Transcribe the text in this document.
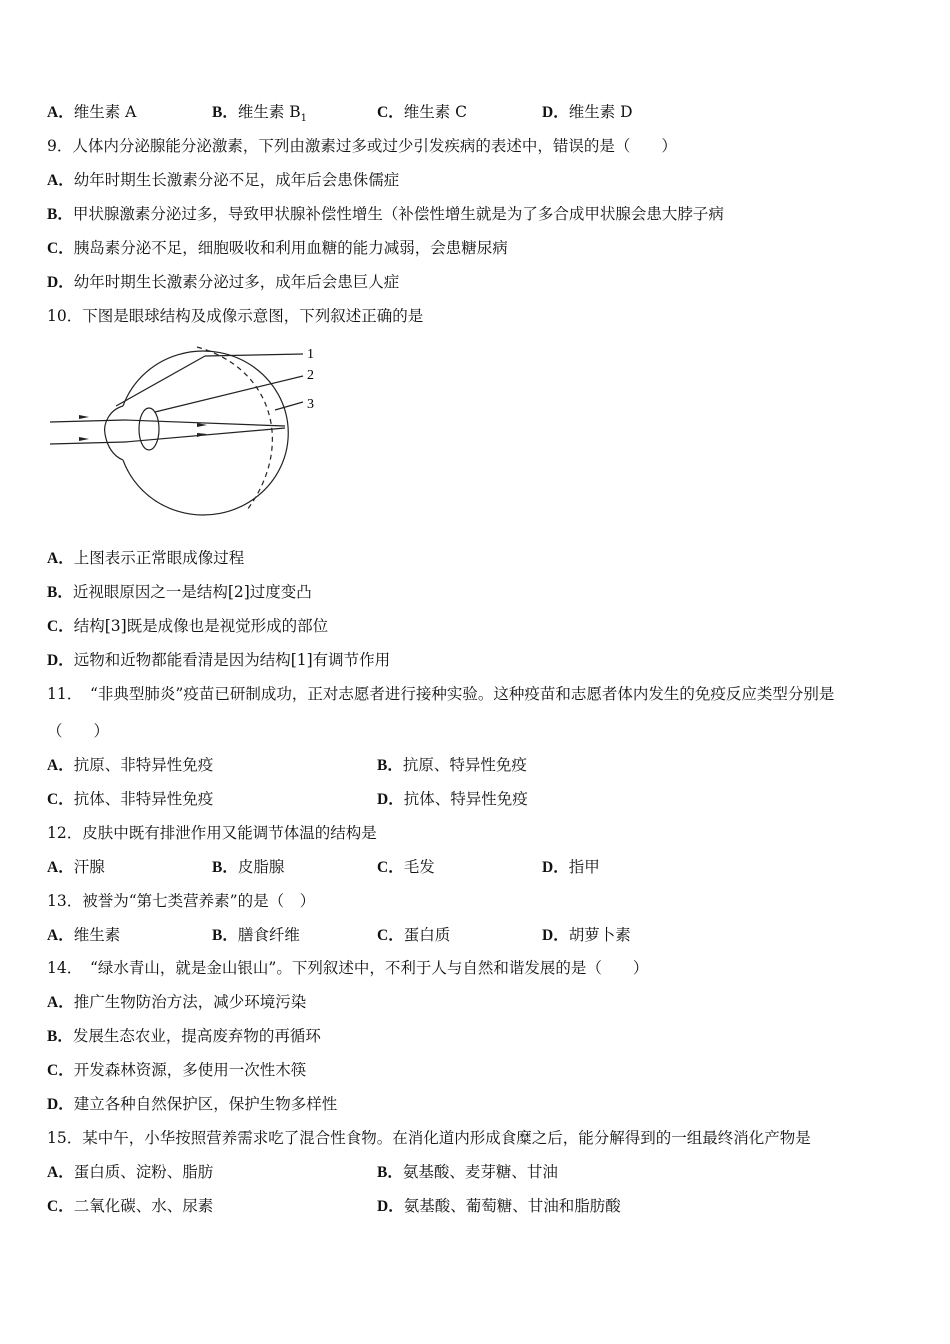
A．维生素 A	B．维生素 $B_1$	C．维生素 C	D．维生素 D
9．人体内分泌腺能分泌激素，下列由激素过多或过少引发疾病的表述中，错误的是（　　）
A．幼年时期生长激素分泌不足，成年后会患侏儒症
B．甲状腺激素分泌过多，导致甲状腺补偿性增生（补偿性增生就是为了多合成甲状腺会患大脖子病
C．胰岛素分泌不足，细胞吸收和利用血糖的能力减弱，会患糖尿病
D．幼年时期生长激素分泌过多，成年后会患巨人症
10．下图是眼球结构及成像示意图，下列叙述正确的是
1
2
3
A．上图表示正常眼成像过程
B．近视眼原因之一是结构[2]过度变凸
C．结构[3]既是成像也是视觉形成的部位
D．远物和近物都能看清是因为结构[1]有调节作用
11．　“非典型肺炎”疫苗已研制成功，正对志愿者进行接种实验。这种疫苗和志愿者体内发生的免疫反应类型分别是
（　　）
A．抗原、非特异性免疫	B．抗原、特异性免疫
C．抗体、非特异性免疫	D．抗体、特异性免疫
12．皮肤中既有排泄作用又能调节体温的结构是
A．汗腺	B．皮脂腺	C．毛发	D．指甲
13．被誉为“第七类营养素”的是（　）
A．维生素	B．膳食纤维	C．蛋白质	D．胡萝卜素
14．　“绿水青山，就是金山银山”。下列叙述中，不利于人与自然和谐发展的是（　　）
A．推广生物防治方法，减少环境污染
B．发展生态农业，提高废弃物的再循环
C．开发森林资源，多使用一次性木筷
D．建立各种自然保护区，保护生物多样性
15．某中午，小华按照营养需求吃了混合性食物。在消化道内形成食糜之后，能分解得到的一组最终消化产物是
A．蛋白质、淀粉、脂肪	B．氨基酸、麦芽糖、甘油
C．二氧化碳、水、尿素	D．氨基酸、葡萄糖、甘油和脂肪酸
